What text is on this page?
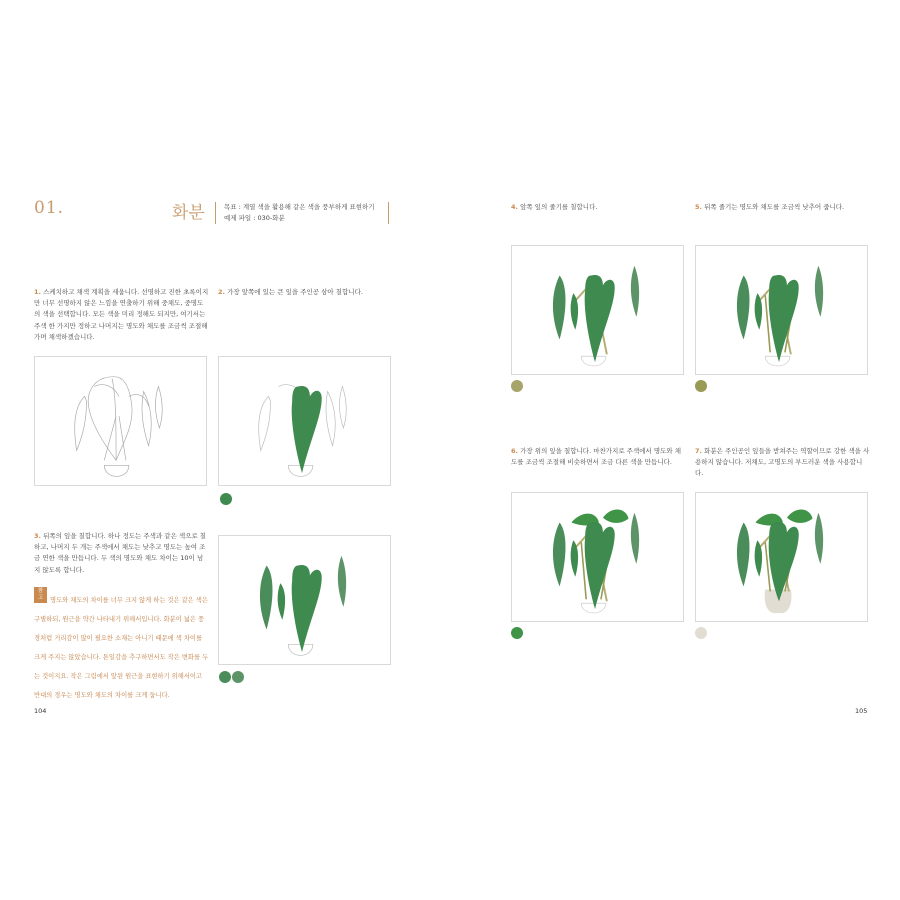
01.	화분	목표 : 계열 색을 활용해 같은 색을 풍부하게 표현하기
예제 파일 : 030-화분
1. 스케치하고 채색 계획을 세웁니다. 선명하고 진한 초록이지만 너무 선명하지 않은 느낌을 연출하기 위해 중채도, 중명도의 색을 선택합니다. 모든 색을 미리 정해도 되지만, 여기서는 주색 한 가지만 정하고 나머지는 명도와 채도를 조금씩 조절해가며 채색하겠습니다.
2. 가장 앞쪽에 있는 큰 잎을 주인공 삼아 칠합니다.
3. 뒤쪽의 잎을 칠합니다. 하나 정도는 주색과 같은 색으로 칠하고, 나머지 두 개는 주색에서 채도는 낮추고 명도는 높여 조금 연한 색을 만듭니다. 두 색의 명도와 채도 차이는 10이 넘지 않도록 합니다.
참고 명도와 채도의 차이를 너무 크지 않게 하는 것은 같은 색은 구별하되, 원근을 약간 나타내기 위해서입니다. 화분이 넓은 풍경처럼 거리감이 많이 필요한 소재는 아니기 때문에 색 차이를 크게 주지는 않았습니다. 톤일감을 추구하면서도 작은 변화를 두는 것이지요. 작은 그림에서 앞뒨 원근을 표현하기 위해서이고 반대의 경우는 명도와 채도의 차이를 크게 둡니다.
104
4. 앞쪽 잎의 줄기를 칠합니다.	5. 뒤쪽 줄기는 명도와 채도를 조금씩 낮추어 줍니다.
6. 가장 위의 잎을 칠합니다. 마찬가지로 주색에서 명도와 채도를 조금씩 조절해 비슷하면서 조금 다른 색을 만듭니다.
7. 화분은 주인공인 잎들을 받쳐주는 역할이므로 강한 색을 사용하지 않습니다. 저채도, 고명도의 부드러운 색을 사용합니다.
105
